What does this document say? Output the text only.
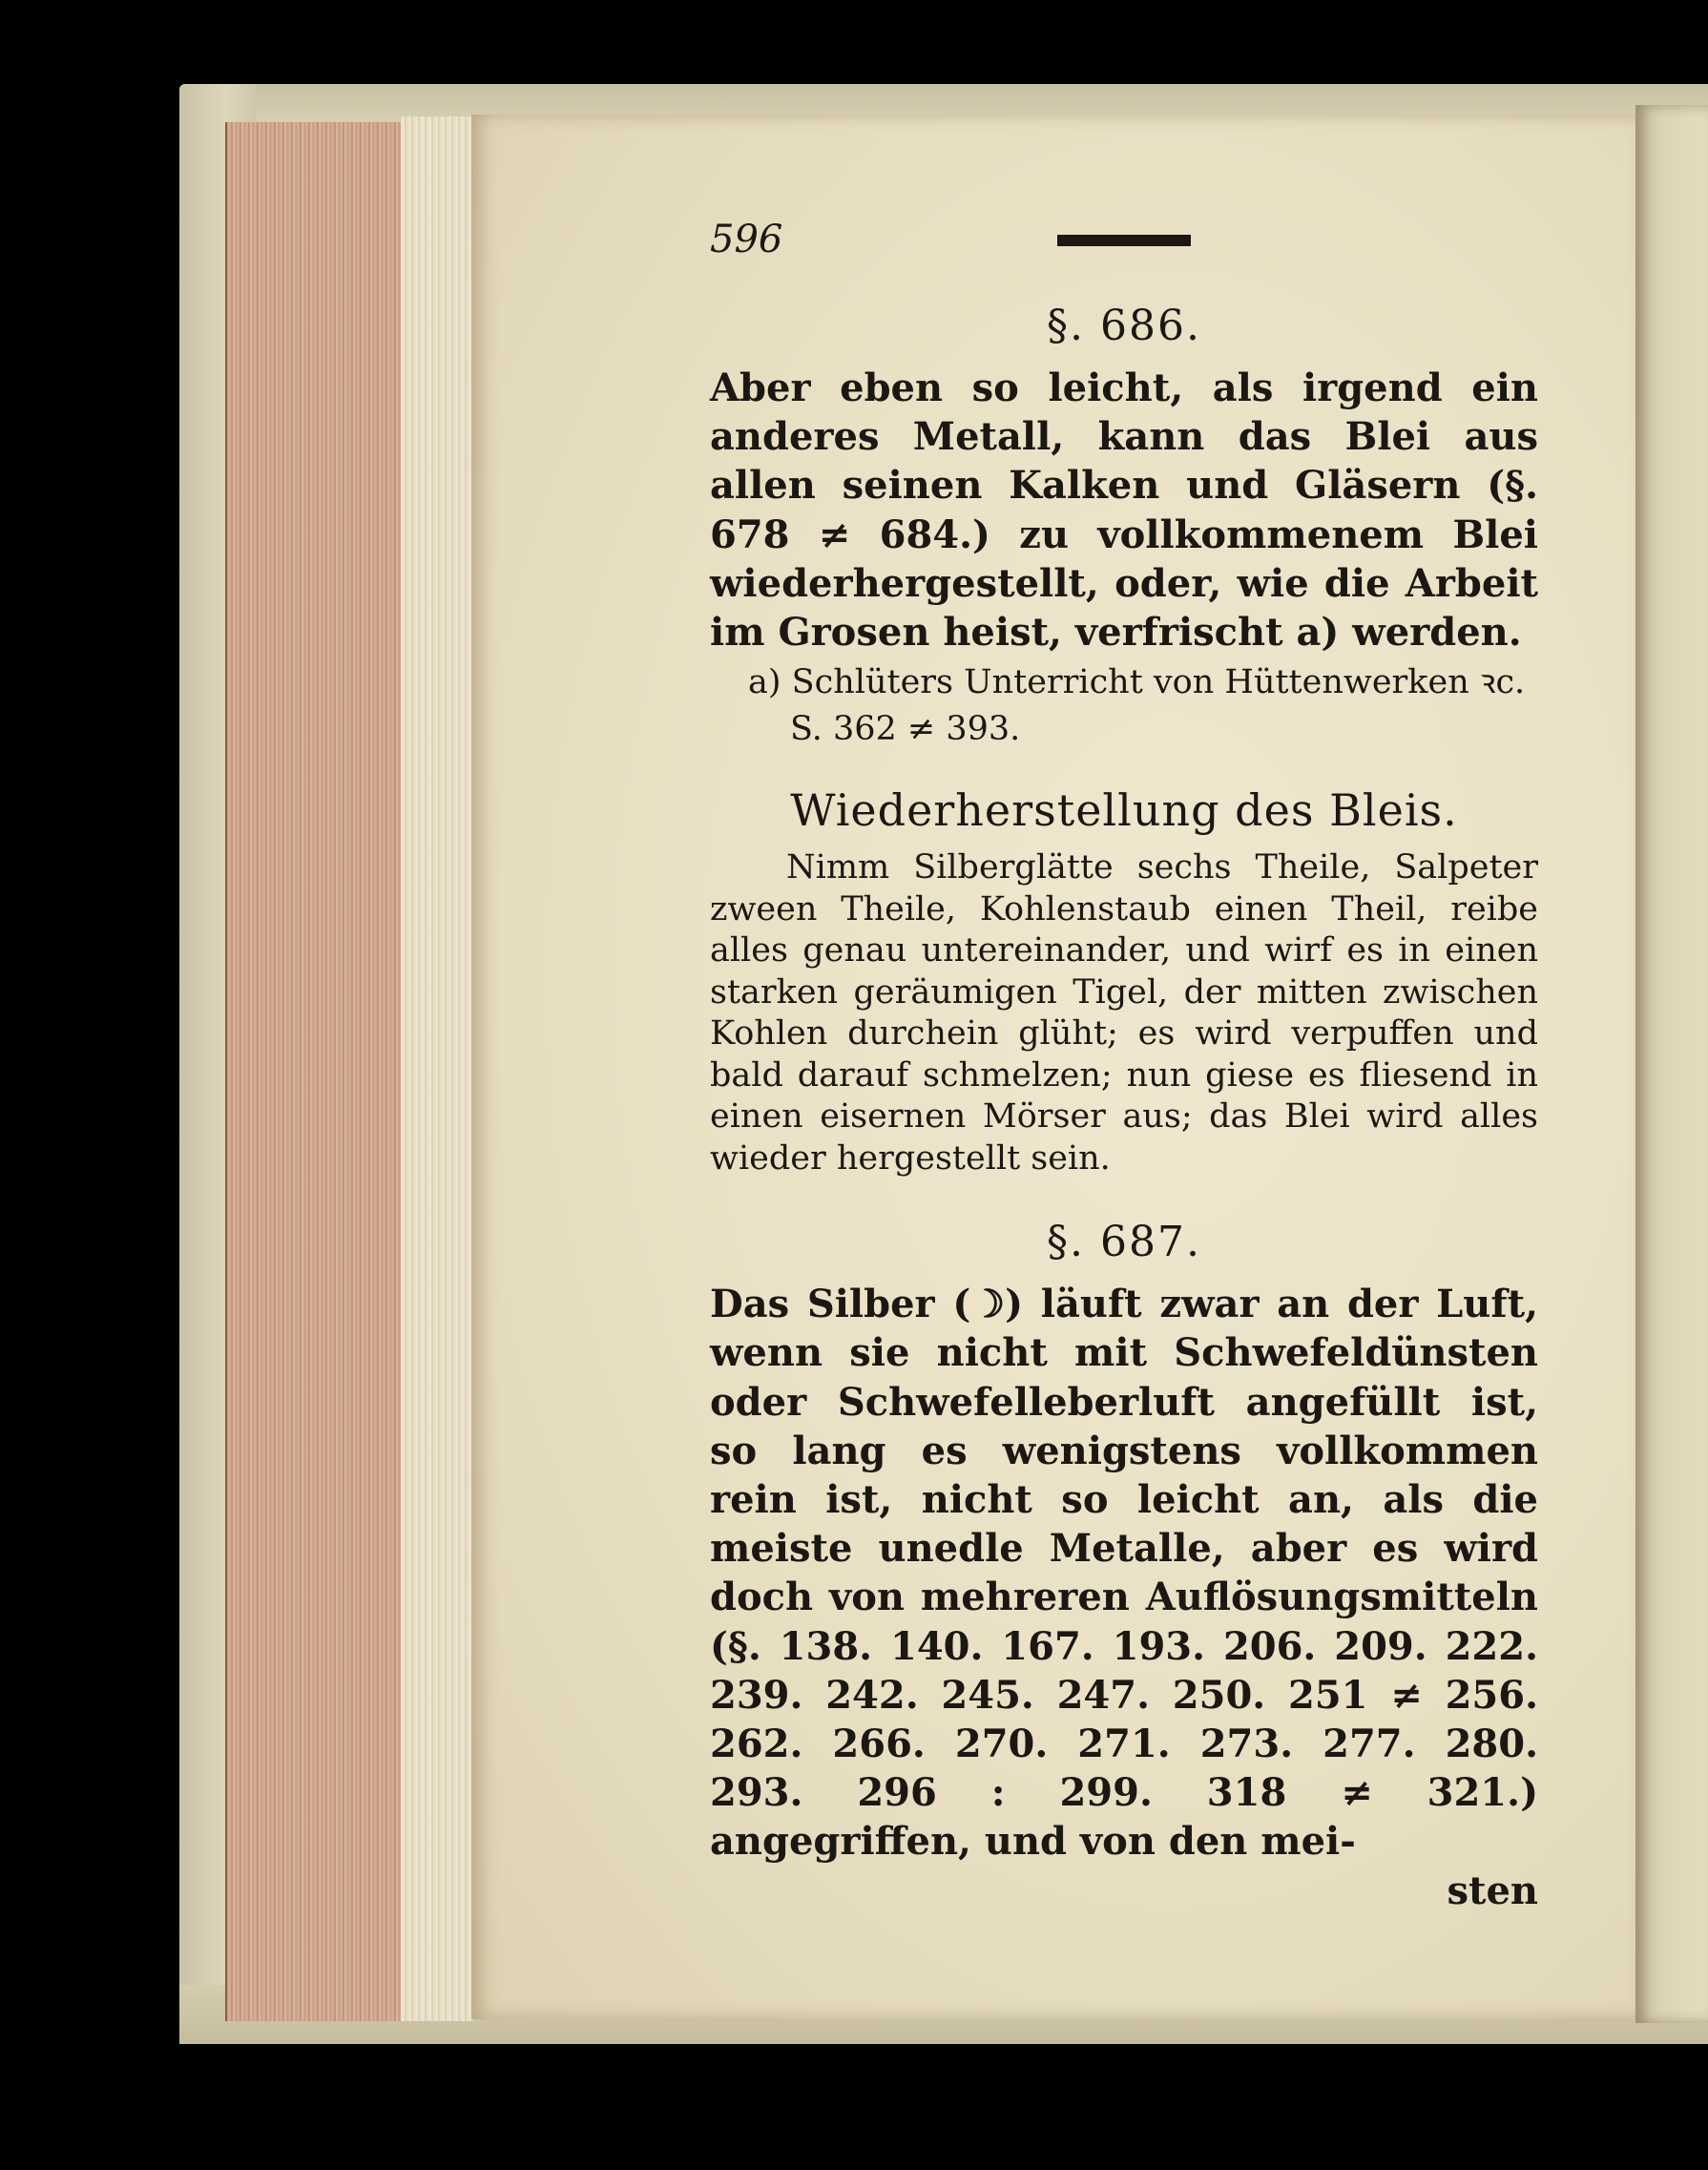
596
§. 686.

Aber eben so leicht, als irgend ein anderes Metall, kann das Blei aus allen seinen Kalken und Gläsern (§. 678 ≠ 684.) zu vollkommenem Blei wiederhergestellt, oder, wie die Arbeit im Grosen heist, verfrischt a) werden.

a) Schlüters Unterricht von Hüttenwerken ꝛc.
S. 362 ≠ 393.
Wiederherstellung des Bleis.

Nimm Silberglätte sechs Theile, Salpeter zween Theile, Kohlenstaub einen Theil, reibe alles genau untereinander, und wirf es in einen starken geräumigen Tigel, der mitten zwischen Kohlen durchein glüht; es wird verpuffen und bald darauf schmelzen; nun giese es fliesend in einen eisernen Mörser aus; das Blei wird alles wieder hergestellt sein.

§. 687.

Das Silber (☽) läuft zwar an der Luft, wenn sie nicht mit Schwefeldünsten oder Schwefelleberluft angefüllt ist, so lang es wenigstens vollkommen rein ist, nicht so leicht an, als die meiste unedle Metalle, aber es wird doch von mehreren Auflösungsmitteln (§. 138. 140. 167. 193. 206. 209. 222. 239. 242. 245. 247. 250. 251 ≠ 256. 262. 266. 270. 271. 273. 277. 280. 293. 296 : 299. 318 ≠ 321.) angegriffen, und von den mei-

sten
